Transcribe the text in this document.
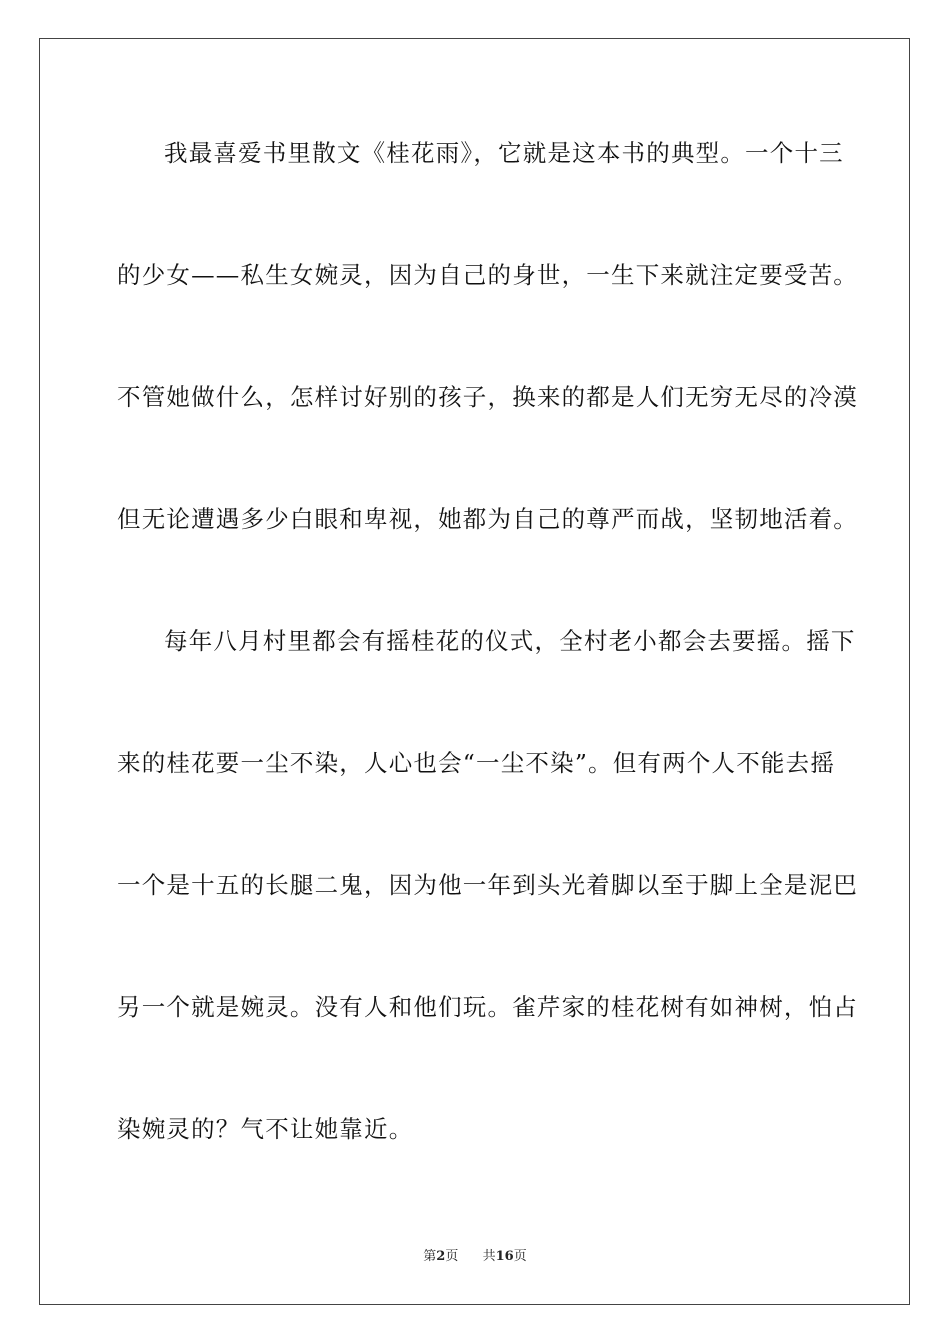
我最喜爱书里散文《桂花雨》，它就是这本书的典型。一个十三
的少女——私生女婉灵，因为自己的身世，一生下来就注定要受苦。
不管她做什么，怎样讨好别的孩子，换来的都是人们无穷无尽的冷漠
但无论遭遇多少白眼和卑视，她都为自己的尊严而战，坚韧地活着。
每年八月村里都会有摇桂花的仪式，全村老小都会去要摇。摇下
来的桂花要一尘不染，人心也会“一尘不染”。但有两个人不能去摇
一个是十五的长腿二鬼，因为他一年到头光着脚以至于脚上全是泥巴
另一个就是婉灵。没有人和他们玩。雀芹家的桂花树有如神树，怕占
染婉灵的？气不让她靠近。
第2页 共16页
